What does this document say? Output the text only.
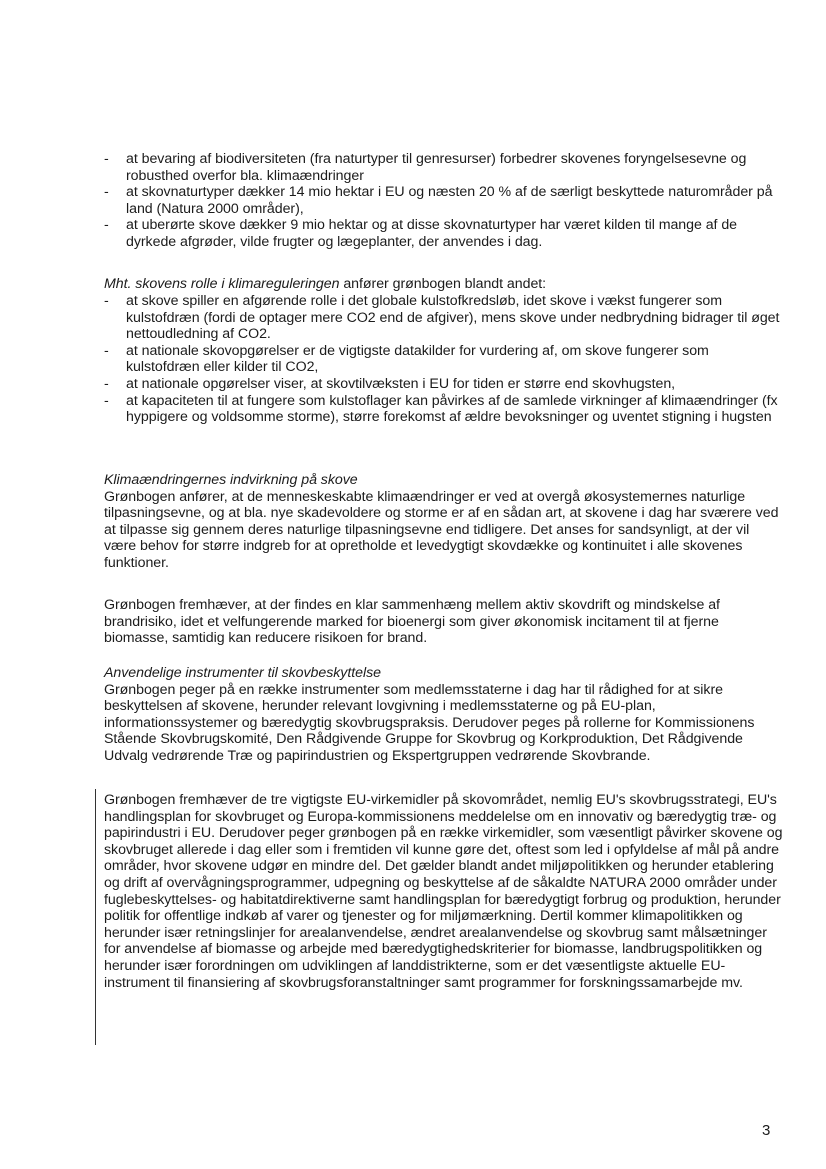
- at bevaring af biodiversiteten (fra naturtyper til genresurser) forbedrer skovenes foryngelsesevne og robusthed overfor bla. klimaændringer
- at skovnaturtyper dækker 14 mio hektar i EU og næsten 20 % af de særligt beskyttede naturområder på land (Natura 2000 områder),
- at uberørte skove dækker 9 mio hektar og at disse skovnaturtyper har været kilden til mange af de dyrkede afgrøder, vilde frugter og lægeplanter, der anvendes i dag.

Mht. skovens rolle i klimareguleringen anfører grønbogen blandt andet:

- at skove spiller en afgørende rolle i det globale kulstofkredsløb, idet skove i vækst fungerer som kulstofdræn (fordi de optager mere CO2 end de afgiver), mens skove under nedbrydning bidrager til øget nettoudledning af CO2.
- at nationale skovopgørelser er de vigtigste datakilder for vurdering af, om skove fungerer som kulstofdræn eller kilder til CO2,
- at nationale opgørelser viser, at skovtilvæksten i EU for tiden er større end skovhugsten,
- at kapaciteten til at fungere som kulstoflager kan påvirkes af de samlede virkninger af klimaændringer (fx hyppigere og voldsomme storme), større forekomst af ældre bevoksninger og uventet stigning i hugsten
Klimaændringernes indvirkning på skove
Grønbogen anfører, at de menneskeskabte klimaændringer er ved at overgå økosystemernes naturlige tilpasningsevne, og at bla. nye skadevoldere og storme er af en sådan art, at skovene i dag har sværere ved at tilpasse sig gennem deres naturlige tilpasningsevne end tidligere. Det anses for sandsynligt, at der vil være behov for større indgreb for at opretholde et levedygtigt skovdække og kontinuitet i alle skovenes funktioner.

Grønbogen fremhæver, at der findes en klar sammenhæng mellem aktiv skovdrift og mindskelse af brandrisiko, idet et velfungerende marked for bioenergi som giver økonomisk incitament til at fjerne biomasse, samtidig kan reducere risikoen for brand.

Anvendelige instrumenter til skovbeskyttelse
Grønbogen peger på en række instrumenter som medlemsstaterne i dag har til rådighed for at sikre beskyttelsen af skovene, herunder relevant lovgivning i medlemsstaterne og på EU-plan, informationssystemer og bæredygtig skovbrugspraksis. Derudover peges på rollerne for Kommissionens Stående Skovbrugskomité, Den Rådgivende Gruppe for Skovbrug og Korkproduktion, Det Rådgivende Udvalg vedrørende Træ og papirindustrien og Ekspertgruppen vedrørende Skovbrande.

Grønbogen fremhæver de tre vigtigste EU-virkemidler på skovområdet, nemlig EU's skovbrugsstrategi, EU's handlingsplan for skovbruget og Europa-kommissionens meddelelse om en innovativ og bæredygtig træ- og papirindustri i EU. Derudover peger grønbogen på en række virkemidler, som væsentligt påvirker skovene og skovbruget allerede i dag eller som i fremtiden vil kunne gøre det, oftest som led i opfyldelse af mål på andre områder, hvor skovene udgør en mindre del. Det gælder blandt andet miljøpolitikken og herunder etablering og drift af overvågningsprogrammer, udpegning og beskyttelse af de såkaldte NATURA 2000 områder under fuglebeskyttelses- og habitatdirektiverne samt handlingsplan for bæredygtigt forbrug og produktion, herunder politik for offentlige indkøb af varer og tjenester og for miljømærkning. Dertil kommer klimapolitikken og herunder især retningslinjer for arealanvendelse, ændret arealanvendelse og skovbrug samt målsætninger for anvendelse af biomasse og arbejde med bæredygtighedskriterier for biomasse, landbrugspolitikken og herunder især forordningen om udviklingen af landdistrikterne, som er det væsentligste aktuelle EU-instrument til finansiering af skovbrugsforanstaltninger samt programmer for forskningssamarbejde mv.

3
